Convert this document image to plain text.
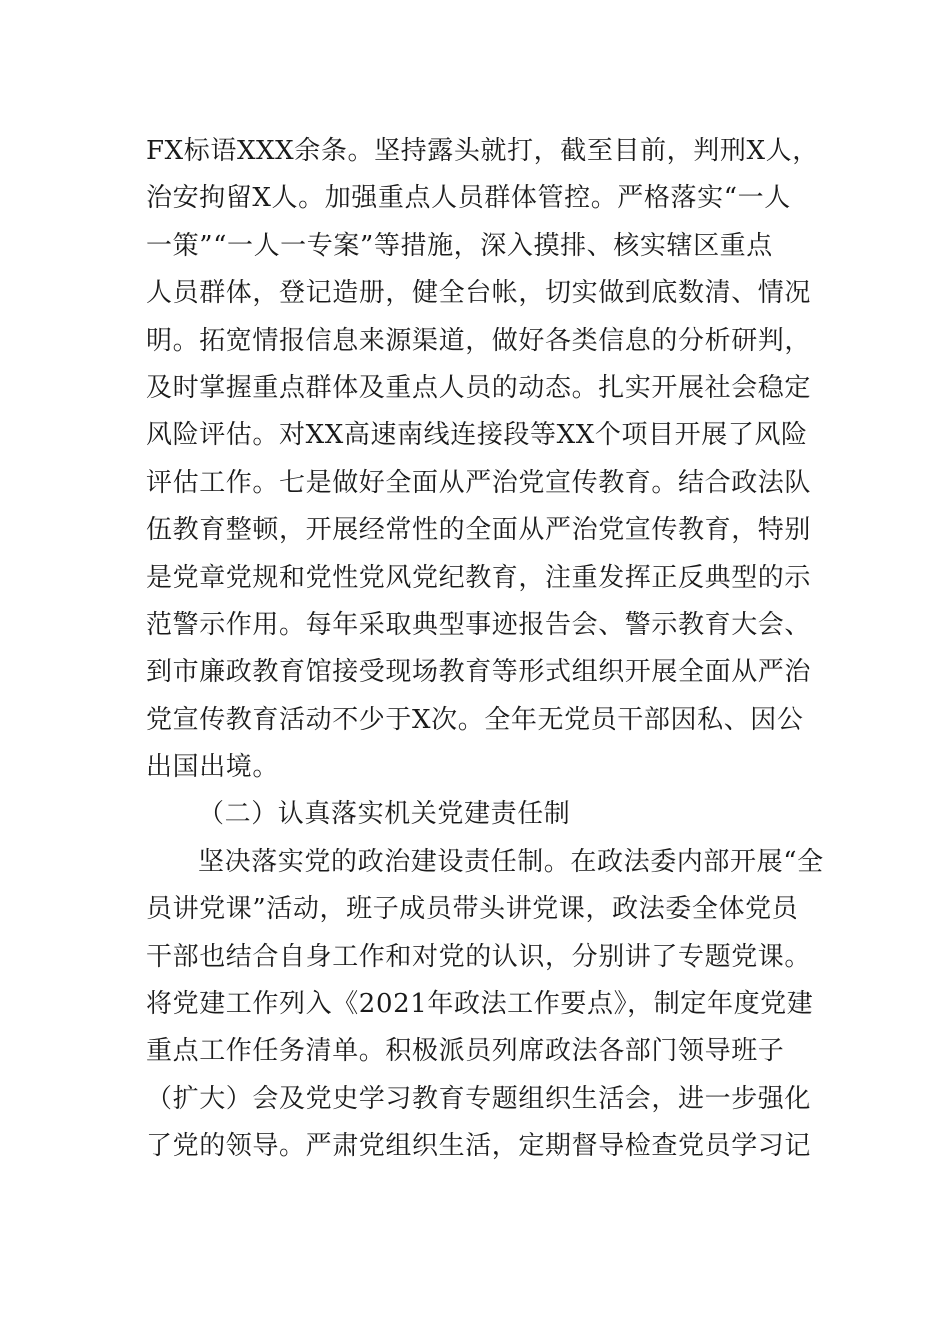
FX标语XXX余条。坚持露头就打，截至目前，判刑X人，
治安拘留X人。加强重点人员群体管控。严格落实“一人
一策”“一人一专案”等措施，深入摸排、核实辖区重点
人员群体，登记造册，健全台帐，切实做到底数清、情况
明。拓宽情报信息来源渠道，做好各类信息的分析研判，
及时掌握重点群体及重点人员的动态。扎实开展社会稳定
风险评估。对XX高速南线连接段等XX个项目开展了风险
评估工作。七是做好全面从严治党宣传教育。结合政法队
伍教育整顿，开展经常性的全面从严治党宣传教育，特别
是党章党规和党性党风党纪教育，注重发挥正反典型的示
范警示作用。每年采取典型事迹报告会、警示教育大会、
到市廉政教育馆接受现场教育等形式组织开展全面从严治
党宣传教育活动不少于X次。全年无党员干部因私、因公
出国出境。
（二）认真落实机关党建责任制
坚决落实党的政治建设责任制。在政法委内部开展“全
员讲党课”活动，班子成员带头讲党课，政法委全体党员
干部也结合自身工作和对党的认识，分别讲了专题党课。
将党建工作列入《2021年政法工作要点》，制定年度党建
重点工作任务清单。积极派员列席政法各部门领导班子
（扩大）会及党史学习教育专题组织生活会，进一步强化
了党的领导。严肃党组织生活，定期督导检查党员学习记
